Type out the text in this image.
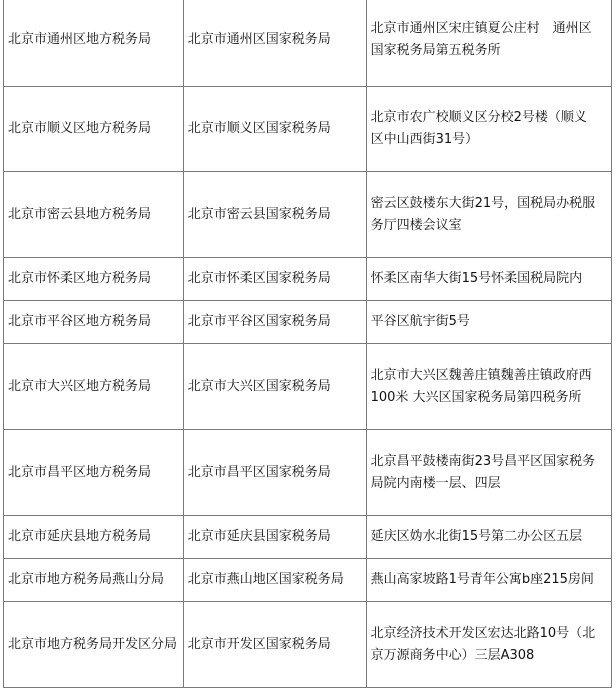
北京市通州区地方税务局	北京市通州区国家税务局	北京市通州区宋庄镇夏公庄村　通州区
国家税务局第五税务所

北京市顺义区地方税务局	北京市顺义区国家税务局	北京市农广校顺义区分校2号楼（顺义
区中山西街31号）

北京市密云县地方税务局	北京市密云县国家税务局	密云区鼓楼东大街21号，国税局办税服
务厅四楼会议室

北京市怀柔区地方税务局	北京市怀柔区国家税务局	怀柔区南华大街15号怀柔国税局院内

北京市平谷区地方税务局	北京市平谷区国家税务局	平谷区航宇街5号

北京市大兴区地方税务局	北京市大兴区国家税务局	北京市大兴区魏善庄镇魏善庄镇政府西
100米 大兴区国家税务局第四税务所

北京市昌平区地方税务局	北京市昌平区国家税务局	北京昌平鼓楼南街23号昌平区国家税务
局院内南楼一层、四层

北京市延庆县地方税务局	北京市延庆县国家税务局	延庆区妫水北街15号第二办公区五层

北京市地方税务局燕山分局	北京市燕山地区国家税务局	燕山高家坡路1号青年公寓b座215房间

北京市地方税务局开发区分局	北京市开发区国家税务局	北京经济技术开发区宏达北路10号（北
京万源商务中心）三层A308
